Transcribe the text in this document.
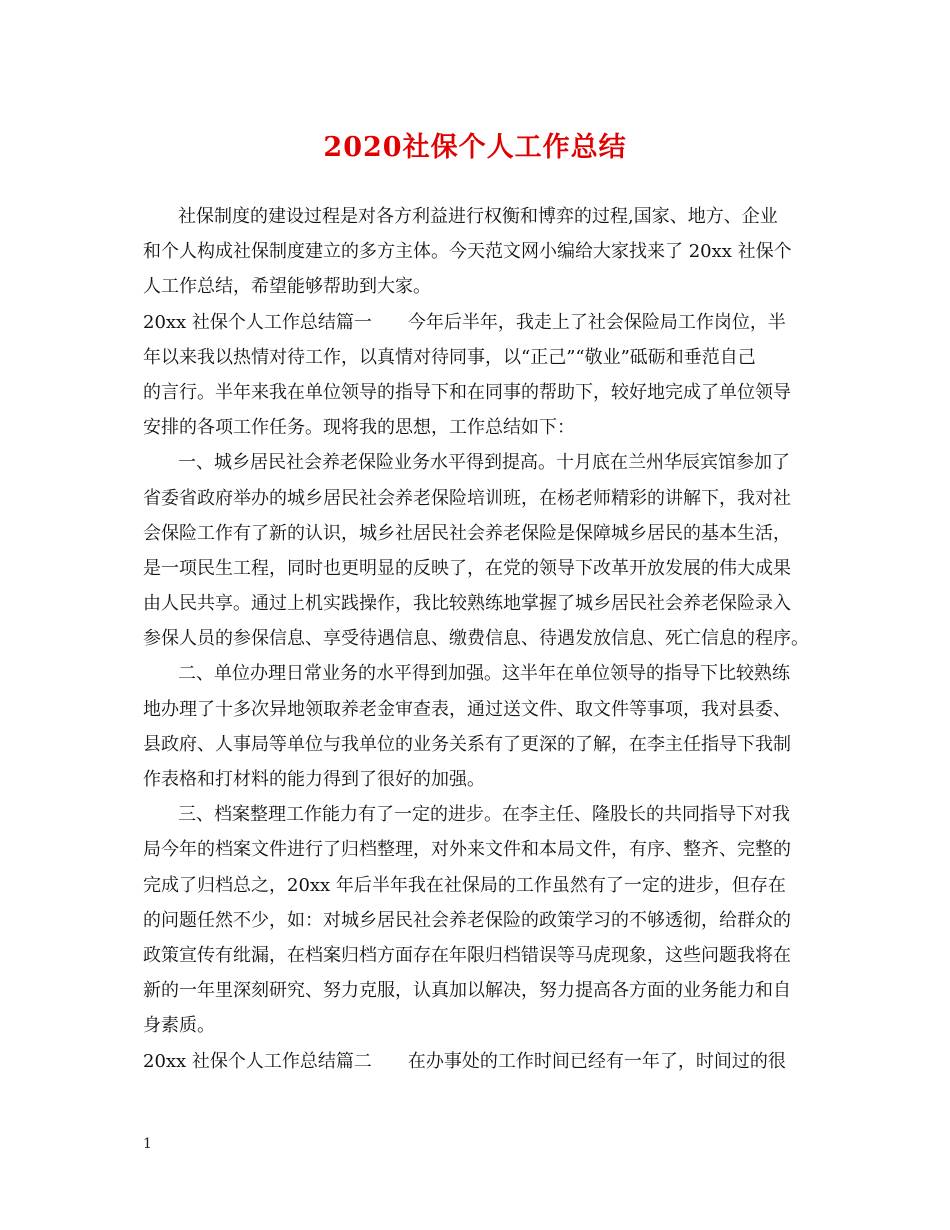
2020社保个人工作总结
社保制度的建设过程是对各方利益进行权衡和博弈的过程,国家、地方、企业
和个人构成社保制度建立的多方主体。今天范文网小编给大家找来了 20xx 社保个
人工作总结，希望能够帮助到大家。
20xx 社保个人工作总结篇一　　今年后半年，我走上了社会保险局工作岗位，半
年以来我以热情对待工作，以真情对待同事，以“正己”“敬业”砥砺和垂范自己
的言行。半年来我在单位领导的指导下和在同事的帮助下，较好地完成了单位领导
安排的各项工作任务。现将我的思想，工作总结如下：
一、城乡居民社会养老保险业务水平得到提高。十月底在兰州华辰宾馆参加了
省委省政府举办的城乡居民社会养老保险培训班，在杨老师精彩的讲解下，我对社
会保险工作有了新的认识，城乡社居民社会养老保险是保障城乡居民的基本生活，
是一项民生工程，同时也更明显的反映了，在党的领导下改革开放发展的伟大成果
由人民共享。通过上机实践操作，我比较熟练地掌握了城乡居民社会养老保险录入
参保人员的参保信息、享受待遇信息、缴费信息、待遇发放信息、死亡信息的程序。
二、单位办理日常业务的水平得到加强。这半年在单位领导的指导下比较熟练
地办理了十多次异地领取养老金审查表，通过送文件、取文件等事项，我对县委、
县政府、人事局等单位与我单位的业务关系有了更深的了解，在李主任指导下我制
作表格和打材料的能力得到了很好的加强。
三、档案整理工作能力有了一定的进步。在李主任、隆股长的共同指导下对我
局今年的档案文件进行了归档整理，对外来文件和本局文件，有序、整齐、完整的
完成了归档总之，20xx 年后半年我在社保局的工作虽然有了一定的进步，但存在
的问题任然不少，如：对城乡居民社会养老保险的政策学习的不够透彻，给群众的
政策宣传有纰漏，在档案归档方面存在年限归档错误等马虎现象，这些问题我将在
新的一年里深刻研究、努力克服，认真加以解决，努力提高各方面的业务能力和自
身素质。
20xx 社保个人工作总结篇二　　在办事处的工作时间已经有一年了，时间过的很
1
